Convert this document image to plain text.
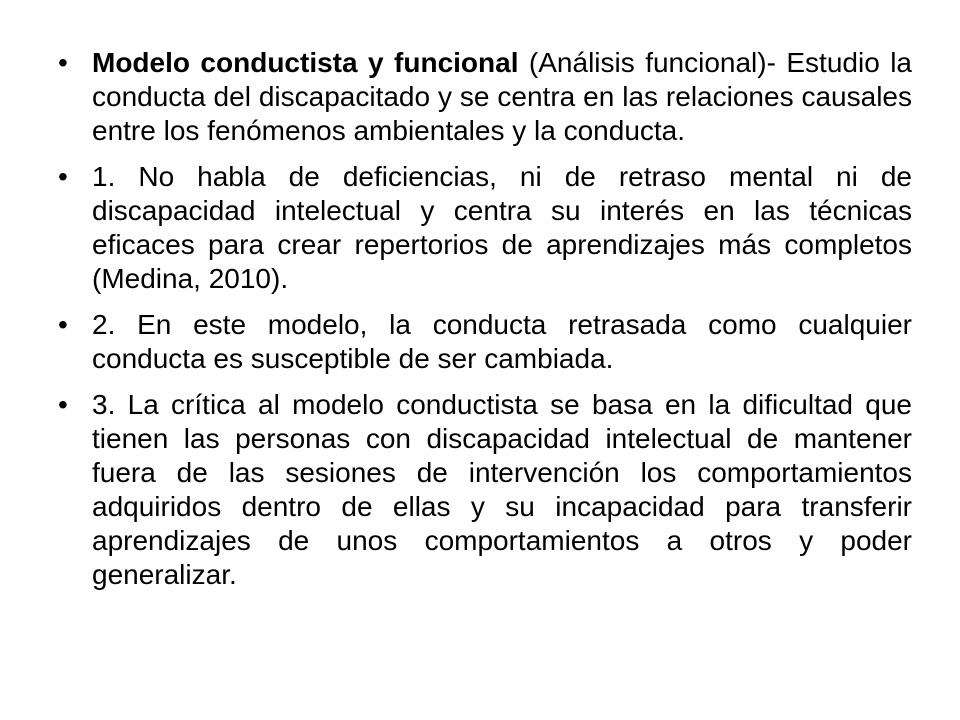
• Modelo conductista y funcional (Análisis funcional)- Estudio la conducta del discapacitado y se centra en las relaciones causales entre los fenómenos ambientales y la conducta.
• 1. No habla de deficiencias, ni de retraso mental ni de discapacidad intelectual y centra su interés en las técnicas eficaces para crear repertorios de aprendizajes más completos (Medina, 2010).
• 2. En este modelo, la conducta retrasada como cualquier conducta es susceptible de ser cambiada.
• 3. La crítica al modelo conductista se basa en la dificultad que tienen las personas con discapacidad intelectual de mantener fuera de las sesiones de intervención los comportamientos adquiridos dentro de ellas y su incapacidad para transferir aprendizajes de unos comportamientos a otros y poder generalizar.
